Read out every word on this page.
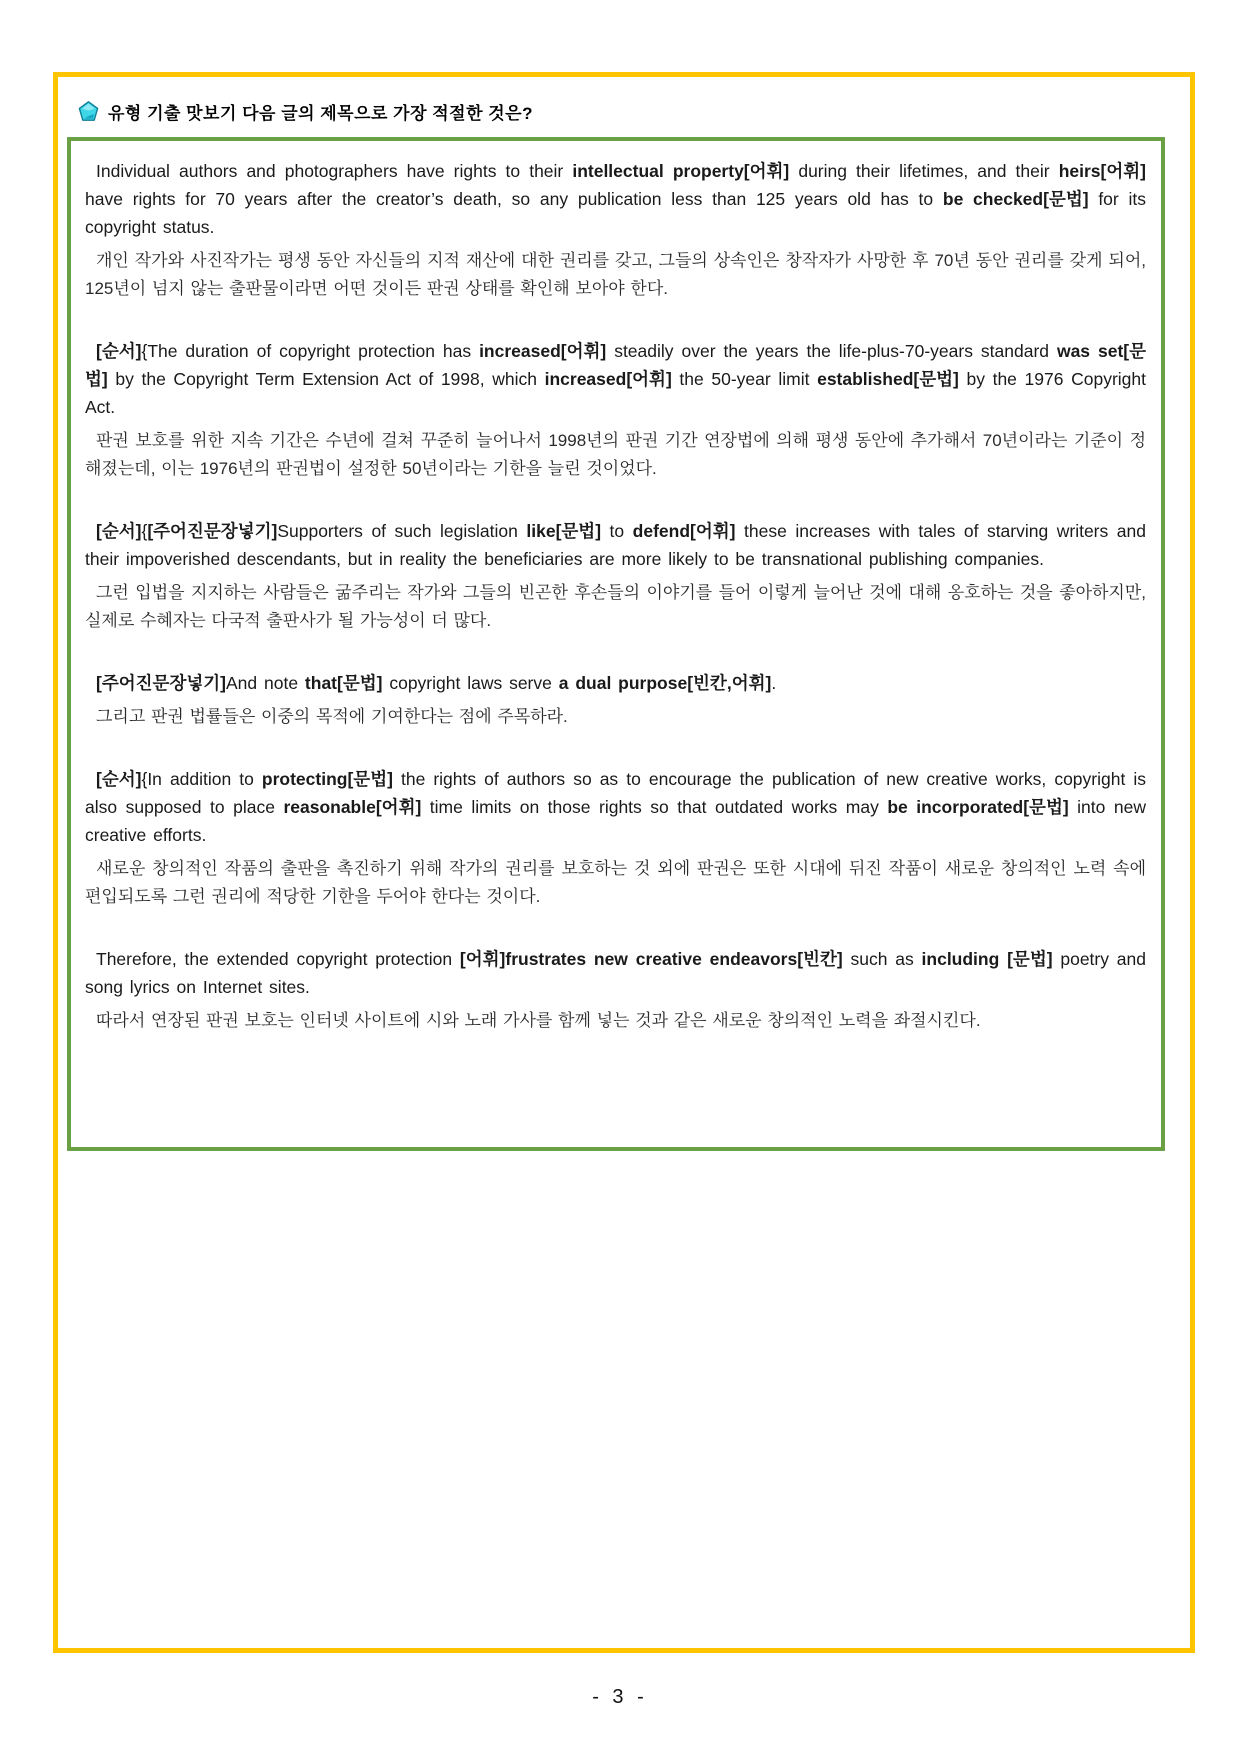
유형 기출 맛보기 다음 글의 제목으로 가장 적절한 것은?

Individual authors and photographers have rights to their intellectual property[어휘] during their lifetimes, and their heirs[어휘] have rights for 70 years after the creator’s death, so any publication less than 125 years old has to be checked[문법] for its copyright status.

개인 작가와 사진작가는 평생 동안 자신들의 지적 재산에 대한 권리를 갖고, 그들의 상속인은 창작자가 사망한 후 70년 동안 권리를 갖게 되어, 125년이 넘지 않는 출판물이라면 어떤 것이든 판권 상태를 확인해 보아야 한다.

[순서]{The duration of copyright protection has increased[어휘] steadily over the years the life-plus-70-years standard was set[문법] by the Copyright Term Extension Act of 1998, which increased[어휘] the 50-year limit established[문법] by the 1976 Copyright Act.

판권 보호를 위한 지속 기간은 수년에 걸쳐 꾸준히 늘어나서 1998년의 판권 기간 연장법에 의해 평생 동안에 추가해서 70년이라는 기준이 정해졌는데, 이는 1976년의 판권법이 설정한 50년이라는 기한을 늘린 것이었다.

[순서]{[주어진문장넣기]Supporters of such legislation like[문법] to defend[어휘] these increases with tales of starving writers and their impoverished descendants, but in reality the beneficiaries are more likely to be transnational publishing companies.

그런 입법을 지지하는 사람들은 굶주리는 작가와 그들의 빈곤한 후손들의 이야기를 들어 이렇게 늘어난 것에 대해 옹호하는 것을 좋아하지만, 실제로 수혜자는 다국적 출판사가 될 가능성이 더 많다.

[주어진문장넣기]And note that[문법] copyright laws serve a dual purpose[빈칸,어휘].

그리고 판권 법률들은 이중의 목적에 기여한다는 점에 주목하라.

[순서]{In addition to protecting[문법] the rights of authors so as to encourage the publication of new creative works, copyright is also supposed to place reasonable[어휘] time limits on those rights so that outdated works may be incorporated[문법] into new creative efforts.

새로운 창의적인 작품의 출판을 촉진하기 위해 작가의 권리를 보호하는 것 외에 판권은 또한 시대에 뒤진 작품이 새로운 창의적인 노력 속에 편입되도록 그런 권리에 적당한 기한을 두어야 한다는 것이다.

Therefore, the extended copyright protection [어휘]frustrates new creative endeavors[빈칸] such as including [문법] poetry and song lyrics on Internet sites.

따라서 연장된 판권 보호는 인터넷 사이트에 시와 노래 가사를 함께 넣는 것과 같은 새로운 창의적인 노력을 좌절시킨다.

- 3 -
